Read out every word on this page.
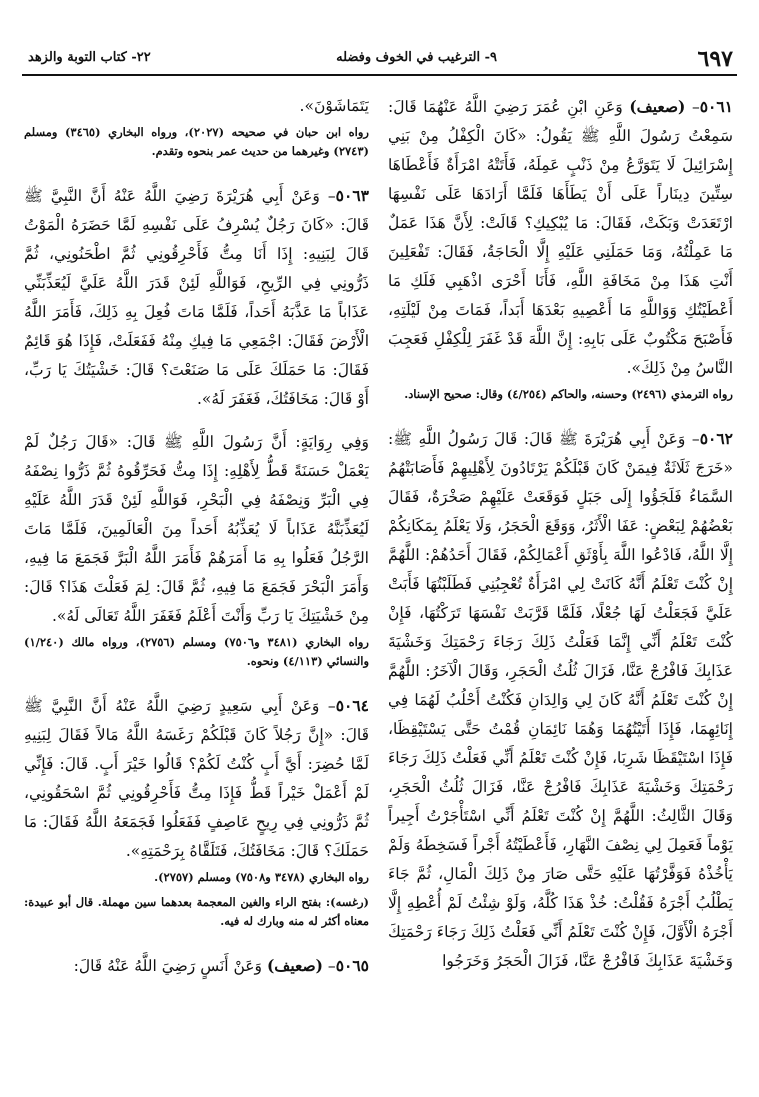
٦٩٧
٩- الترغيب في الخوف وفضله
٢٢- كتاب التوبة والزهد

٥٠٦١– (صعيف) وَعَنِ ابْنِ عُمَرَ رَضِيَ اللَّهُ عَنْهُمَا قَالَ: سَمِعْتُ رَسُولَ اللَّهِ ﷺ يَقُولُ: «كَانَ الْكِفْلُ مِنْ بَنِي إِسْرَائِيلَ لَا يَتَوَرَّعُ مِنْ ذَنْبٍ عَمِلَهُ، فَأَتَتْهُ امْرَأَةٌ فَأَعْطَاهَا سِتِّينَ دِينَاراً عَلَى أَنْ يَطَأَهَا فَلَمَّا أَرَادَهَا عَلَى نَفْسِهَا ارْتَعَدَتْ وَبَكَتْ، فَقَالَ: مَا يُبْكِيكِ؟ قَالَتْ: لِأَنَّ هَذَا عَمَلٌ مَا عَمِلْتُهُ، وَمَا حَمَلَنِي عَلَيْهِ إِلَّا الْحَاجَةُ، فَقَالَ: تَفْعَلِينَ أَنْتِ هَذَا مِنْ مَخَافَةِ اللَّهِ، فَأَنَا أَحْرَى اذْهَبِي فَلَكِ مَا أَعْطَيْتُكِ وَوَاللَّهِ مَا أَعْصِيهِ بَعْدَهَا أَبَداً، فَمَاتَ مِنْ لَيْلَتِهِ، فَأَصْبَحَ مَكْتُوبٌ عَلَى بَابِهِ: إِنَّ اللَّهَ قَدْ غَفَرَ لِلْكِفْلِ فَعَجِبَ النَّاسُ مِنْ ذَلِكَ».

رواه الترمذي (٢٤٩٦) وحسنه، والحاكم (٤/٢٥٤) وقال: صحيح الإسناد.

٥٠٦٢– وَعَنْ أَبِي هُرَيْرَةَ ﷺ قَالَ: قَالَ رَسُولُ اللَّهِ ﷺ: «خَرَجَ ثَلَاثَةٌ فِيمَنْ كَانَ قَبْلَكُمْ يَرْتَادُونَ لِأَهْلِيهِمْ فَأَصَابَتْهُمُ السَّمَاءُ فَلَجَؤُوا إِلَى جَبَلٍ فَوَقَعَتْ عَلَيْهِمْ صَخْرَةٌ، فَقَالَ بَعْضُهُمْ لِبَعْضٍ: عَفَا الْأَثَرُ، وَوَقَعَ الْحَجَرُ، وَلَا يَعْلَمُ بِمَكَانِكُمْ إِلَّا اللَّهُ، فَادْعُوا اللَّهَ بِأَوْثَقِ أَعْمَالِكُمْ، فَقَالَ أَحَدُهُمْ: اللَّهُمَّ إِنْ كُنْتَ تَعْلَمُ أَنَّهُ كَانَتْ لِي امْرَأَةٌ تُعْجِبُنِي فَطَلَبْتُهَا فَأَبَتْ عَلَيَّ فَجَعَلْتُ لَهَا جُعْلًا، فَلَمَّا قَرَّبَتْ نَفْسَهَا تَرَكْتُهَا، فَإِنْ كُنْتَ تَعْلَمُ أَنِّي إِنَّمَا فَعَلْتُ ذَلِكَ رَجَاءَ رَحْمَتِكَ وَخَشْيَةَ عَذَابِكَ فَافْرُجْ عَنَّا، فَزَالَ ثُلُثُ الْحَجَرِ، وَقَالَ الْآخَرُ: اللَّهُمَّ إِنْ كُنْتَ تَعْلَمُ أَنَّهُ كَانَ لِي وَالِدَانِ فَكُنْتُ أَحْلُبُ لَهُمَا فِي إِنَائِهِمَا، فَإِذَا أَتَيْتُهُمَا وَهُمَا نَائِمَانِ قُمْتُ حَتَّى يَسْتَيْقِظَا، فَإِذَا اسْتَيْقَظَا شَرِبَا، فَإِنْ كُنْتَ تَعْلَمُ أَنِّي فَعَلْتُ ذَلِكَ رَجَاءَ رَحْمَتِكَ وَخَشْيَةَ عَذَابِكَ فَافْرُجْ عَنَّا، فَزَالَ ثُلُثُ الْحَجَرِ، وَقَالَ الثَّالِثُ: اللَّهُمَّ إِنْ كُنْتَ تَعْلَمُ أَنِّي اسْتَأْجَرْتُ أَجِيراً يَوْماً فَعَمِلَ لِي نِصْفَ النَّهَارِ، فَأَعْطَيْتُهُ أَجْراً فَسَخِطَهُ وَلَمْ يَأْخُذْهُ فَوَفَّرْتُهَا عَلَيْهِ حَتَّى صَارَ مِنْ ذَلِكَ الْمَالِ، ثُمَّ جَاءَ يَطْلُبُ أَجْرَهُ فَقُلْتُ: خُذْ هَذَا كُلَّهُ، وَلَوْ شِئْتُ لَمْ أُعْطِهِ إِلَّا أَجْرَهُ الْأَوَّلَ، فَإِنْ كُنْتَ تَعْلَمُ أَنِّي فَعَلْتُ ذَلِكَ رَجَاءَ رَحْمَتِكَ وَخَشْيَةَ عَذَابِكَ فَافْرُجْ عَنَّا، فَزَالَ الْحَجَرُ وَخَرَجُوا

يَتَمَاشَوْنَ».

رواه ابن حبان في صحيحه (٢٠٢٧)، ورواه البخاري (٣٤٦٥) ومسلم (٢٧٤٣) وغيرهما من حديث عمر بنحوه وتقدم.

٥٠٦٣– وَعَنْ أَبِي هُرَيْرَةَ رَضِيَ اللَّهُ عَنْهُ أَنَّ النَّبِيَّ ﷺ قَالَ: «كَانَ رَجُلٌ يُسْرِفُ عَلَى نَفْسِهِ لَمَّا حَضَرَهُ الْمَوْتُ قَالَ لِبَنِيهِ: إِذَا أَنَا مِتُّ فَأَحْرِقُونِي ثُمَّ اطْحَنُونِي، ثُمَّ ذَرُّونِي فِي الرِّيحِ، فَوَاللَّهِ لَئِنْ قَدَرَ اللَّهُ عَلَيَّ لَيُعَذِّبَنِّي عَذَاباً مَا عَذَّبَهُ أَحَداً، فَلَمَّا مَاتَ فُعِلَ بِهِ ذَلِكَ، فَأَمَرَ اللَّهُ الْأَرْضَ فَقَالَ: اجْمَعِي مَا فِيكِ مِنْهُ فَفَعَلَتْ، فَإِذَا هُوَ قَائِمٌ فَقَالَ: مَا حَمَلَكَ عَلَى مَا صَنَعْتَ؟ قَالَ: خَشْيَتُكَ يَا رَبِّ، أَوْ قَالَ: مَخَافَتُكَ، فَغَفَرَ لَهُ».

وَفِي رِوَايَةٍ: أَنَّ رَسُولَ اللَّهِ ﷺ قَالَ: «قَالَ رَجُلٌ لَمْ يَعْمَلْ حَسَنَةً قَطُّ لِأَهْلِهِ: إِذَا مِتُّ فَحَرِّقُوهُ ثُمَّ ذَرُّوا نِصْفَهُ فِي الْبَرِّ وَنِصْفَهُ فِي الْبَحْرِ، فَوَاللَّهِ لَئِنْ قَدَرَ اللَّهُ عَلَيْهِ لَيُعَذِّبَنَّهُ عَذَاباً لَا يُعَذِّبُهُ أَحَداً مِنَ الْعَالَمِينَ، فَلَمَّا مَاتَ الرَّجُلُ فَعَلُوا بِهِ مَا أَمَرَهُمْ فَأَمَرَ اللَّهُ الْبَرَّ فَجَمَعَ مَا فِيهِ، وَأَمَرَ الْبَحْرَ فَجَمَعَ مَا فِيهِ، ثُمَّ قَالَ: لِمَ فَعَلْتَ هَذَا؟ قَالَ: مِنْ خَشْيَتِكَ يَا رَبِّ وَأَنْتَ أَعْلَمُ فَغَفَرَ اللَّهُ تَعَالَى لَهُ».

رواه البخاري (٣٤٨١ و٧٥٠٦) ومسلم (٢٧٥٦)، ورواه مالك (١/٢٤٠) والنسائي (٤/١١٣) ونحوه.

٥٠٦٤– وَعَنْ أَبِي سَعِيدٍ رَضِيَ اللَّهُ عَنْهُ أَنَّ النَّبِيَّ ﷺ قَالَ: «إِنَّ رَجُلاً كَانَ قَبْلَكُمْ رَغَسَهُ اللَّهُ مَالاً فَقَالَ لِبَنِيهِ لَمَّا حُضِرَ: أَيَّ أَبٍ كُنْتُ لَكُمْ؟ قَالُوا خَيْرَ أَبٍ. قَالَ: فَإِنِّي لَمْ أَعْمَلْ خَيْراً قَطُّ فَإِذَا مِتُّ فَأَحْرِقُونِي ثُمَّ اسْحَقُونِي، ثُمَّ ذَرُّونِي فِي رِيحٍ عَاصِفٍ فَفَعَلُوا فَجَمَعَهُ اللَّهُ فَقَالَ: مَا حَمَلَكَ؟ قَالَ: مَخَافَتُكَ، فَتَلَقَّاهُ بِرَحْمَتِهِ».

رواه البخاري (٣٤٧٨ و٧٥٠٨) ومسلم (٢٧٥٧).

(رغسه): بفتح الراء والغين المعجمة بعدهما سين مهملة. قال أبو عبيدة: معناه أكثر له منه وبارك له فيه.

٥٠٦٥– (صعيف) وَعَنْ أَنَسٍ رَضِيَ اللَّهُ عَنْهُ قَالَ:
